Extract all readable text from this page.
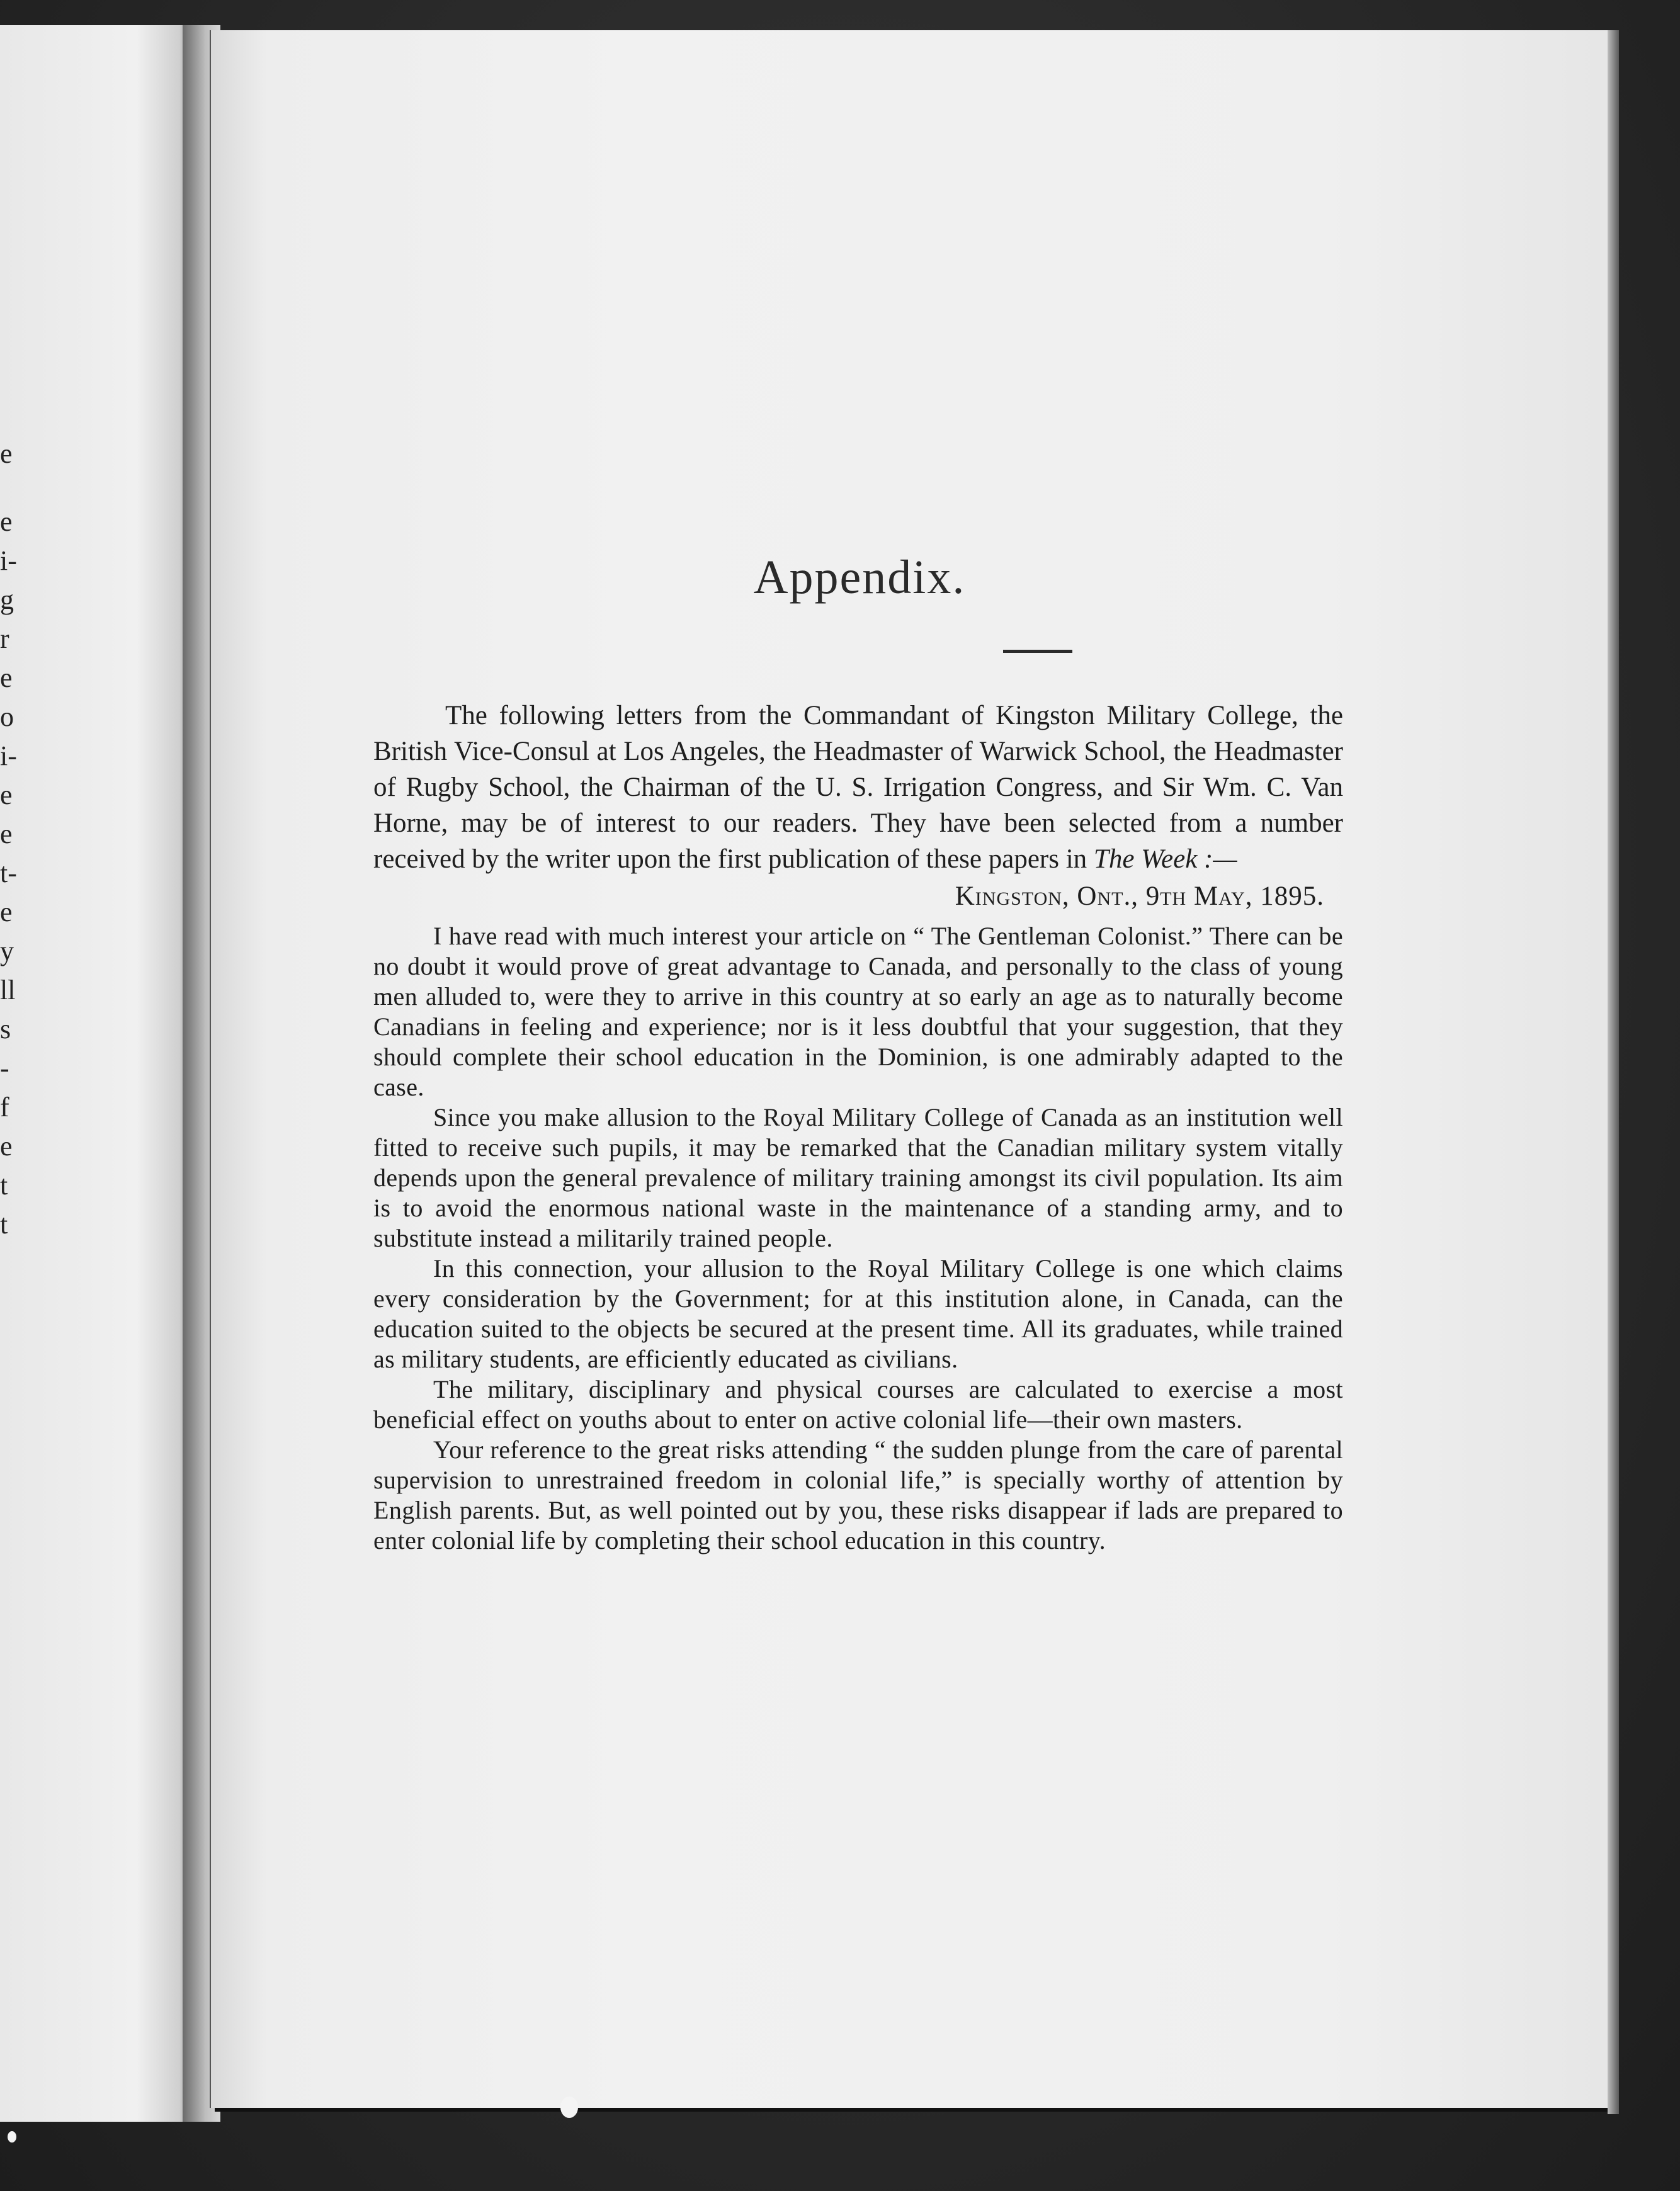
e
e
i-
g
r
e
o
i-
e
e
t-
e
y
ll
s
-
f
e
t
t
Appendix.

The following letters from the Commandant of Kingston Military College, the British Vice-Consul at Los Angeles, the Headmaster of Warwick School, the Headmaster of Rugby School, the Chairman of the U. S. Irrigation Congress, and Sir Wm. C. Van Horne, may be of interest to our readers. They have been selected from a number received by the writer upon the first publication of these papers in The Week :—

Kingston, Ont., 9th May, 1895.

I have read with much interest your article on “ The Gentleman Colonist.” There can be no doubt it would prove of great advantage to Canada, and personally to the class of young men alluded to, were they to arrive in this country at so early an age as to naturally become Canadians in feeling and experience; nor is it less doubtful that your suggestion, that they should complete their school education in the Dominion, is one admirably adapted to the case.

Since you make allusion to the Royal Military College of Canada as an institution well fitted to receive such pupils, it may be remarked that the Canadian military system vitally depends upon the general prevalence of military training amongst its civil population. Its aim is to avoid the enormous national waste in the maintenance of a standing army, and to substitute instead a militarily trained people.

In this connection, your allusion to the Royal Military College is one which claims every consideration by the Government; for at this institution alone, in Canada, can the education suited to the objects be secured at the present time. All its graduates, while trained as military students, are efficiently educated as civilians.

The military, disciplinary and physical courses are calculated to exercise a most beneficial effect on youths about to enter on active colonial life—their own masters.

Your reference to the great risks attending “ the sudden plunge from the care of parental supervision to unrestrained freedom in colonial life,” is specially worthy of attention by English parents. But, as well pointed out by you, these risks disappear if lads are prepared to enter colonial life by completing their school education in this country.
